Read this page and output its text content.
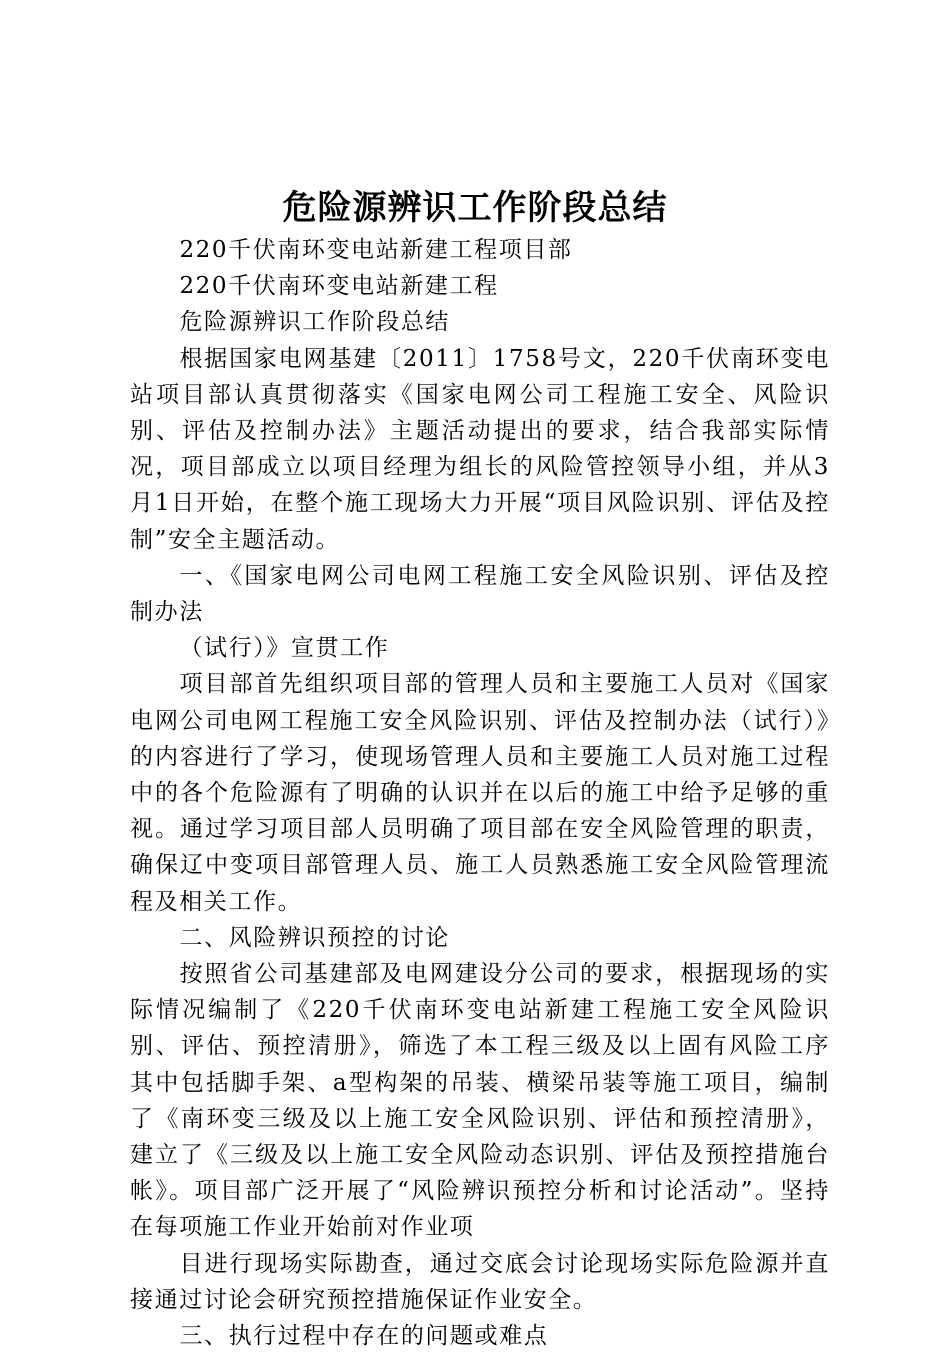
危险源辨识工作阶段总结

220千伏南环变电站新建工程项目部

220千伏南环变电站新建工程

危险源辨识工作阶段总结

根据国家电网基建〔2011〕1758号文，220千伏南环变电站项目部认真贯彻落实《国家电网公司工程施工安全、风险识别、评估及控制办法》主题活动提出的要求，结合我部实际情况，项目部成立以项目经理为组长的风险管控领导小组，并从3月1日开始，在整个施工现场大力开展“项目风险识别、评估及控制”安全主题活动。

一、《国家电网公司电网工程施工安全风险识别、评估及控制办法

（试行）》宣贯工作

项目部首先组织项目部的管理人员和主要施工人员对《国家电网公司电网工程施工安全风险识别、评估及控制办法（试行）》的内容进行了学习，使现场管理人员和主要施工人员对施工过程中的各个危险源有了明确的认识并在以后的施工中给予足够的重视。通过学习项目部人员明确了项目部在安全风险管理的职责，确保辽中变项目部管理人员、施工人员熟悉施工安全风险管理流程及相关工作。

二、风险辨识预控的讨论

按照省公司基建部及电网建设分公司的要求，根据现场的实际情况编制了《220千伏南环变电站新建工程施工安全风险识别、评估、预控清册》，筛选了本工程三级及以上固有风险工序其中包括脚手架、a型构架的吊装、横梁吊装等施工项目，编制了《南环变三级及以上施工安全风险识别、评估和预控清册》，建立了《三级及以上施工安全风险动态识别、评估及预控措施台帐》。项目部广泛开展了“风险辨识预控分析和讨论活动”。坚持在每项施工作业开始前对作业项

目进行现场实际勘查，通过交底会讨论现场实际危险源并直接通过讨论会研究预控措施保证作业安全。

三、执行过程中存在的问题或难点
